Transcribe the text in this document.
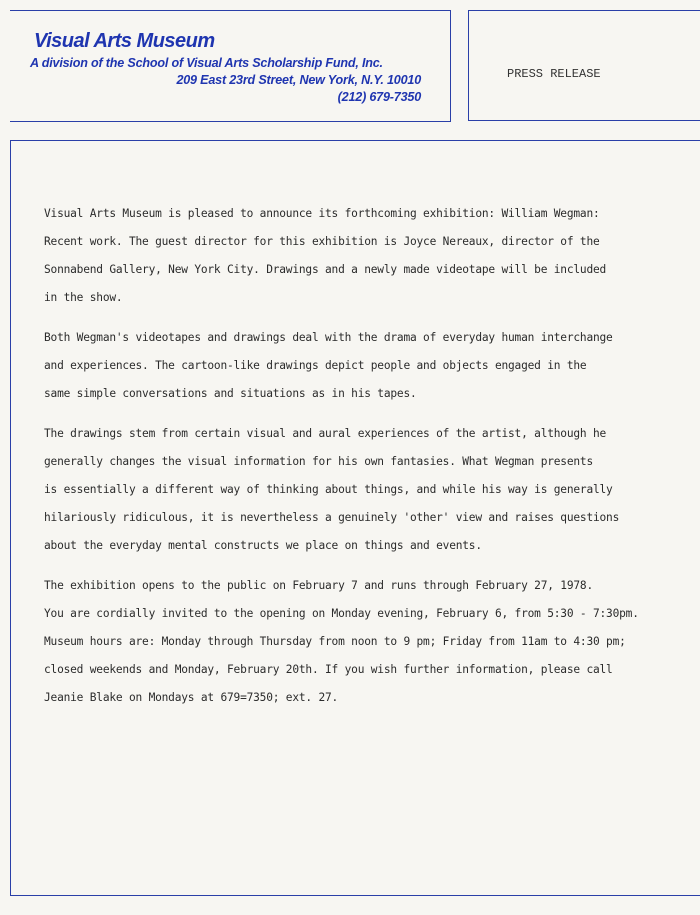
Visual Arts Museum
A division of the School of Visual Arts Scholarship Fund, Inc.
209 East 23rd Street, New York, N.Y. 10010
(212) 679-7350
PRESS RELEASE
Visual Arts Museum is pleased to announce its forthcoming exhibition: William Wegman:
Recent work. The guest director for this exhibition is Joyce Nereaux, director of the
Sonnabend Gallery, New York City. Drawings and a newly made videotape will be included
in the show.
Both Wegman's videotapes and drawings deal with the drama of everyday human interchange
and experiences. The cartoon-like drawings depict people and objects engaged in the
same simple conversations and situations as in his tapes.
The drawings stem from certain visual and aural experiences of the artist, although he
generally changes the visual information for his own fantasies. What Wegman presents
is essentially a different way of thinking about things, and while his way is generally
hilariously ridiculous, it is nevertheless a genuinely 'other' view and raises questions
about the everyday mental constructs we place on things and events.
The exhibition opens to the public on February 7 and runs through February 27, 1978.
You are cordially invited to the opening on Monday evening, February 6, from 5:30 - 7:30pm.
Museum hours are: Monday through Thursday from noon to 9 pm; Friday from 11am to 4:30 pm;
closed weekends and Monday, February 20th. If you wish further information, please call
Jeanie Blake on Mondays at 679=7350; ext. 27.
